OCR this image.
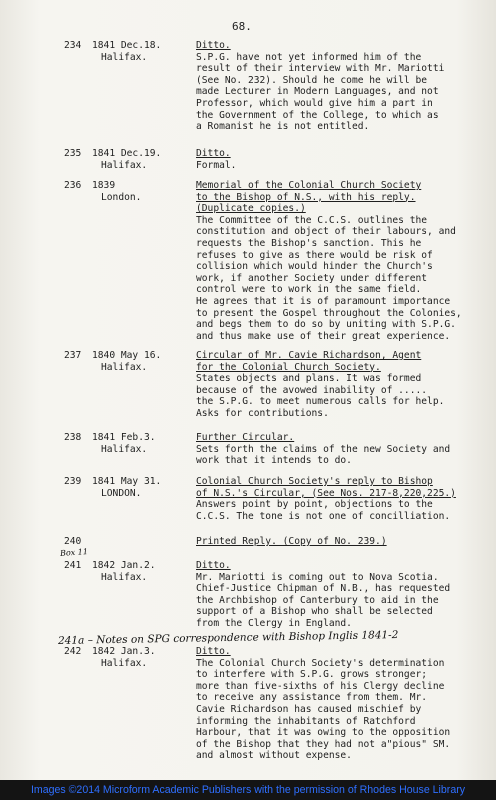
68.
234 1841 Dec.18.
Halifax.
Ditto.
S.P.G. have not yet informed him of the
result of their interview with Mr. Mariotti
(See No. 232). Should he come he will be
made Lecturer in Modern Languages, and not
Professor, which would give him a part in
the Government of the College, to which as
a Romanist he is not entitled.
235 1841 Dec.19.
Halifax.
Ditto.
Formal.
236 1839
London.
Memorial of the Colonial Church Society
to the Bishop of N.S., with his reply.
(Duplicate copies.)
The Committee of the C.C.S. outlines the
constitution and object of their labours, and
requests the Bishop's sanction. This he
refuses to give as there would be risk of
collision which would hinder the Church's
work, if another Society under different
control were to work in the same field.
He agrees that it is of paramount importance
to present the Gospel throughout the Colonies,
and begs them to do so by uniting with S.P.G.
and thus make use of their great experience.
237 1840 May 16.
Halifax.
Circular of Mr. Cavie Richardson, Agent
for the Colonial Church Society.
States objects and plans. It was formed
because of the avowed inability of .....
the S.P.G. to meet numerous calls for help.
Asks for contributions.
238 1841 Feb.3.
Halifax.
Further Circular.
Sets forth the claims of the new Society and
work that it intends to do.
239 1841 May 31.
LONDON.
Colonial Church Society's reply to Bishop
of N.S.'s Circular, (See Nos. 217-8,220,225.)
Answers point by point, objections to the
C.C.S. The tone is not one of concilliation.
240	Printed Reply. (Copy of No. 239.)
Box 11
241 1842 Jan.2.
Halifax.
Ditto.
Mr. Mariotti is coming out to Nova Scotia.
Chief-Justice Chipman of N.B., has requested
the Archbishop of Canterbury to aid in the
support of a Bishop who shall be selected
from the Clergy in England.
241a – Notes on SPG correspondence with Bishop Inglis 1841-2
242 1842 Jan.3.
Halifax.
Ditto.
The Colonial Church Society's determination
to interfere with S.P.G. grows stronger;
more than five-sixths of his Clergy decline
to receive any assistance from them. Mr.
Cavie Richardson has caused mischief by
informing the inhabitants of Ratchford
Harbour, that it was owing to the opposition
of the Bishop that they had not a"pious" SM.
and almost without expense.
Images ©2014 Microform Academic Publishers with the permission of Rhodes House Library
